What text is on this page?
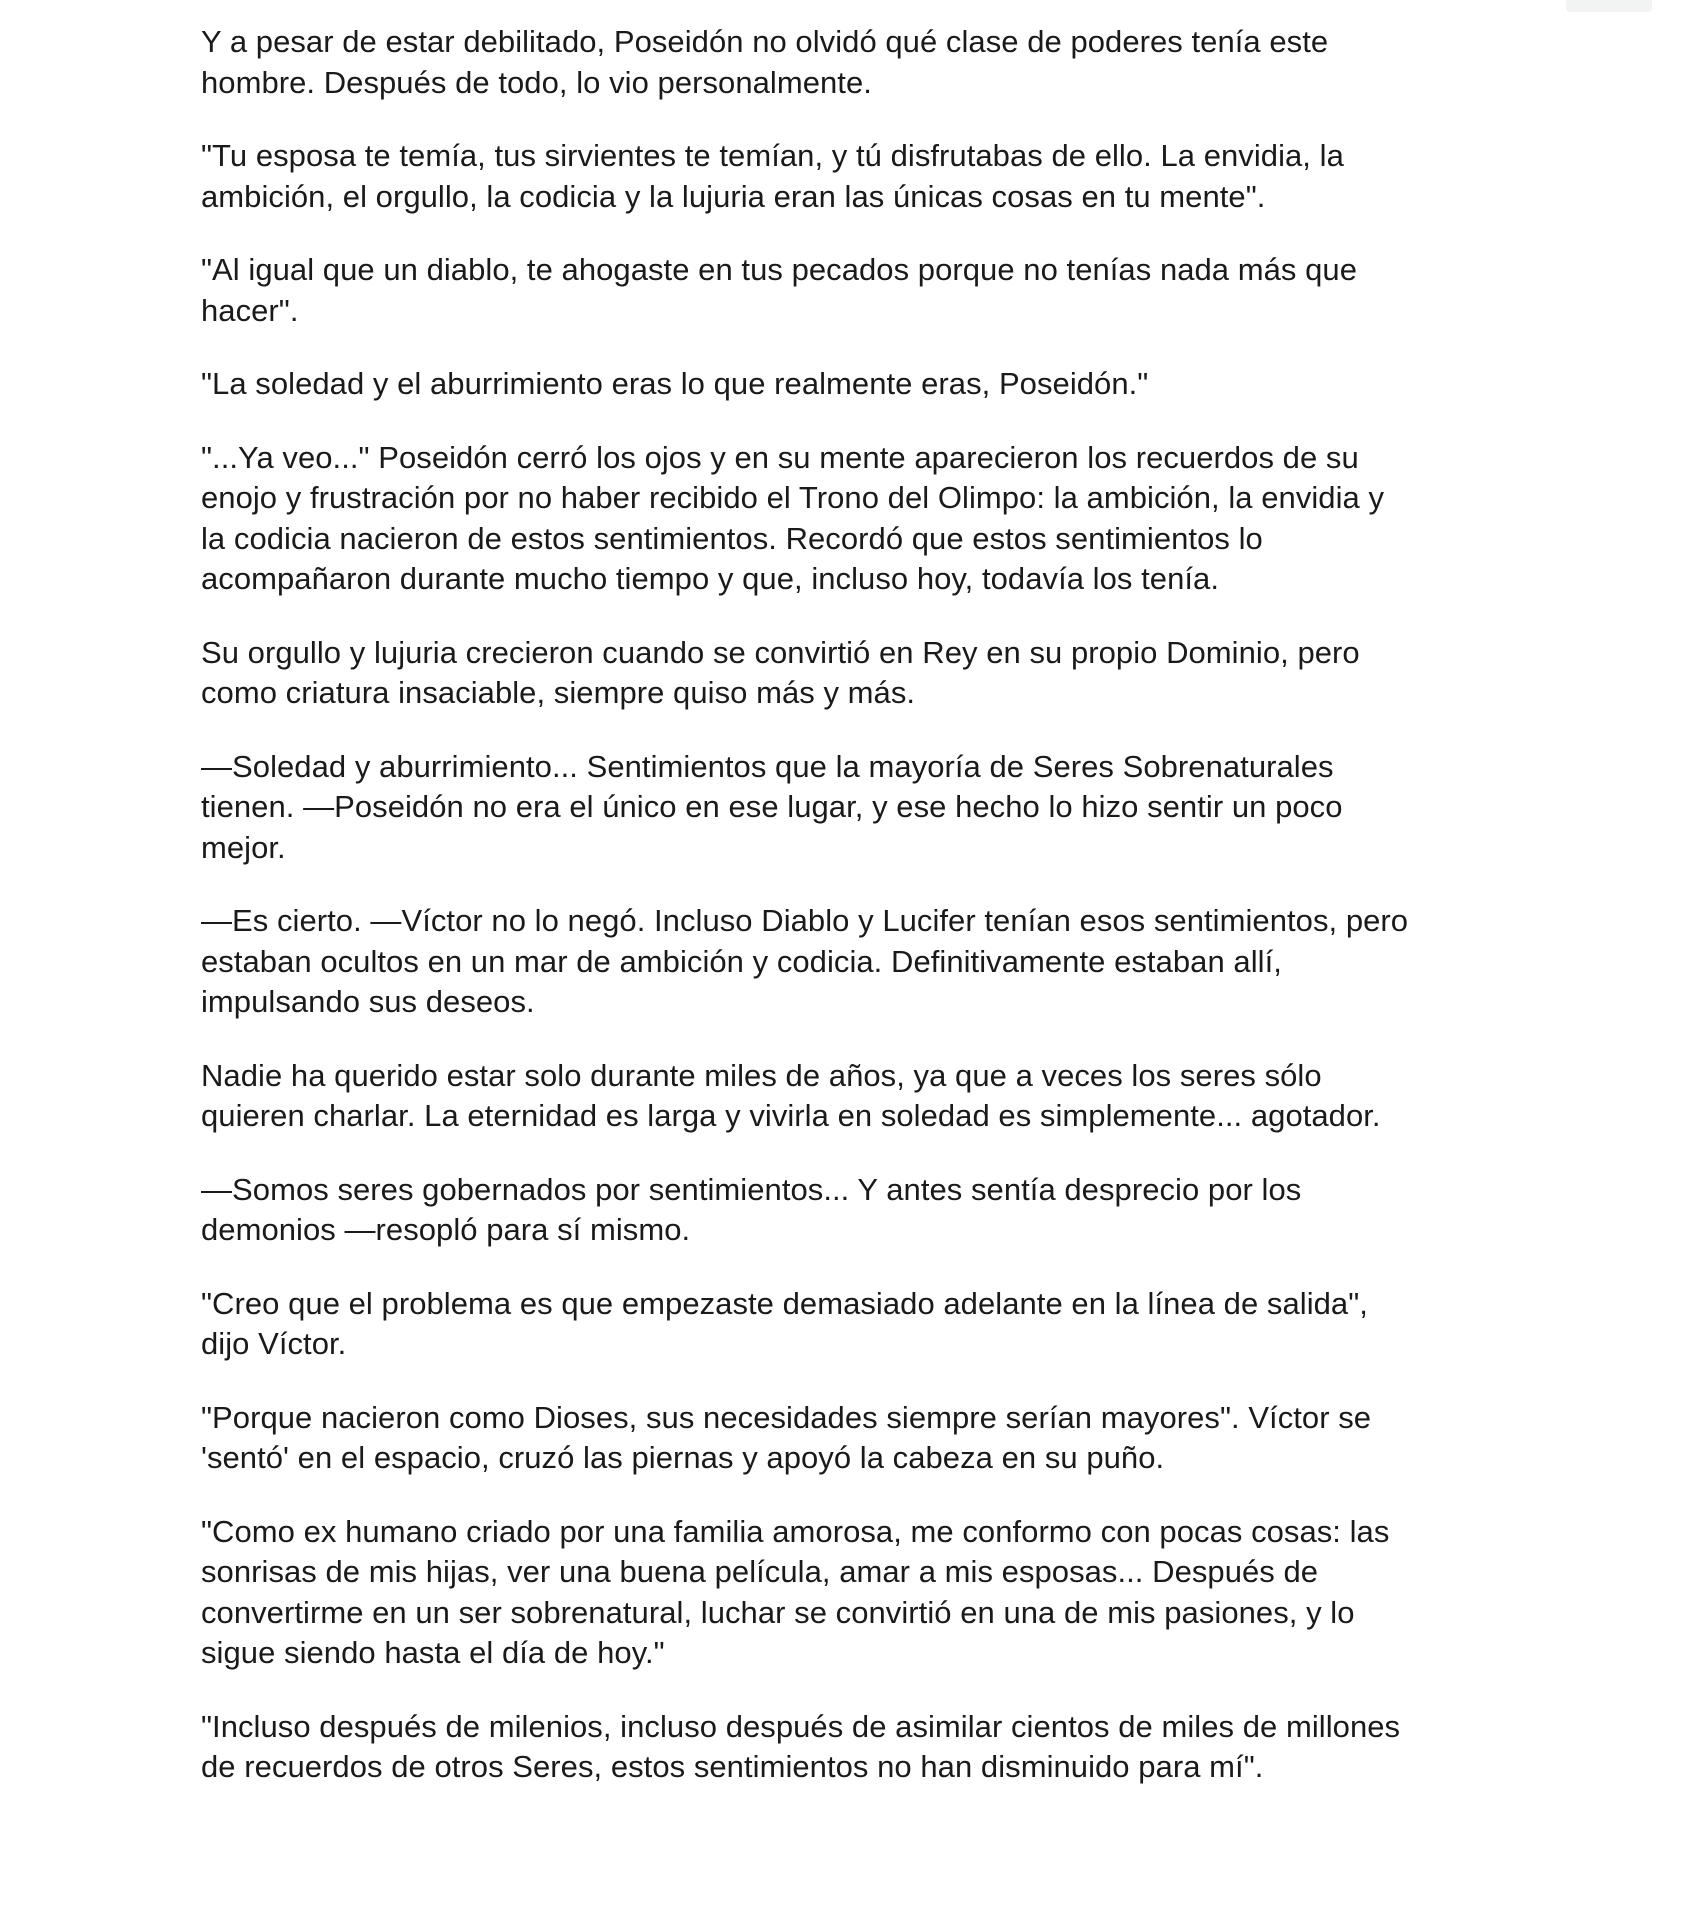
Y a pesar de estar debilitado, Poseidón no olvidó qué clase de poderes tenía este
hombre. Después de todo, lo vio personalmente.

"Tu esposa te temía, tus sirvientes te temían, y tú disfrutabas de ello. La envidia, la
ambición, el orgullo, la codicia y la lujuria eran las únicas cosas en tu mente".

"Al igual que un diablo, te ahogaste en tus pecados porque no tenías nada más que
hacer".

"La soledad y el aburrimiento eras lo que realmente eras, Poseidón."

"...Ya veo..." Poseidón cerró los ojos y en su mente aparecieron los recuerdos de su
enojo y frustración por no haber recibido el Trono del Olimpo: la ambición, la envidia y
la codicia nacieron de estos sentimientos. Recordó que estos sentimientos lo
acompañaron durante mucho tiempo y que, incluso hoy, todavía los tenía.

Su orgullo y lujuria crecieron cuando se convirtió en Rey en su propio Dominio, pero
como criatura insaciable, siempre quiso más y más.

—Soledad y aburrimiento... Sentimientos que la mayoría de Seres Sobrenaturales
tienen. —Poseidón no era el único en ese lugar, y ese hecho lo hizo sentir un poco
mejor.

—Es cierto. —Víctor no lo negó. Incluso Diablo y Lucifer tenían esos sentimientos, pero
estaban ocultos en un mar de ambición y codicia. Definitivamente estaban allí,
impulsando sus deseos.

Nadie ha querido estar solo durante miles de años, ya que a veces los seres sólo
quieren charlar. La eternidad es larga y vivirla en soledad es simplemente... agotador.

—Somos seres gobernados por sentimientos... Y antes sentía desprecio por los
demonios —resopló para sí mismo.

"Creo que el problema es que empezaste demasiado adelante en la línea de salida",
dijo Víctor.

"Porque nacieron como Dioses, sus necesidades siempre serían mayores". Víctor se
'sentó' en el espacio, cruzó las piernas y apoyó la cabeza en su puño.

"Como ex humano criado por una familia amorosa, me conformo con pocas cosas: las
sonrisas de mis hijas, ver una buena película, amar a mis esposas... Después de
convertirme en un ser sobrenatural, luchar se convirtió en una de mis pasiones, y lo
sigue siendo hasta el día de hoy."

"Incluso después de milenios, incluso después de asimilar cientos de miles de millones
de recuerdos de otros Seres, estos sentimientos no han disminuido para mí".
